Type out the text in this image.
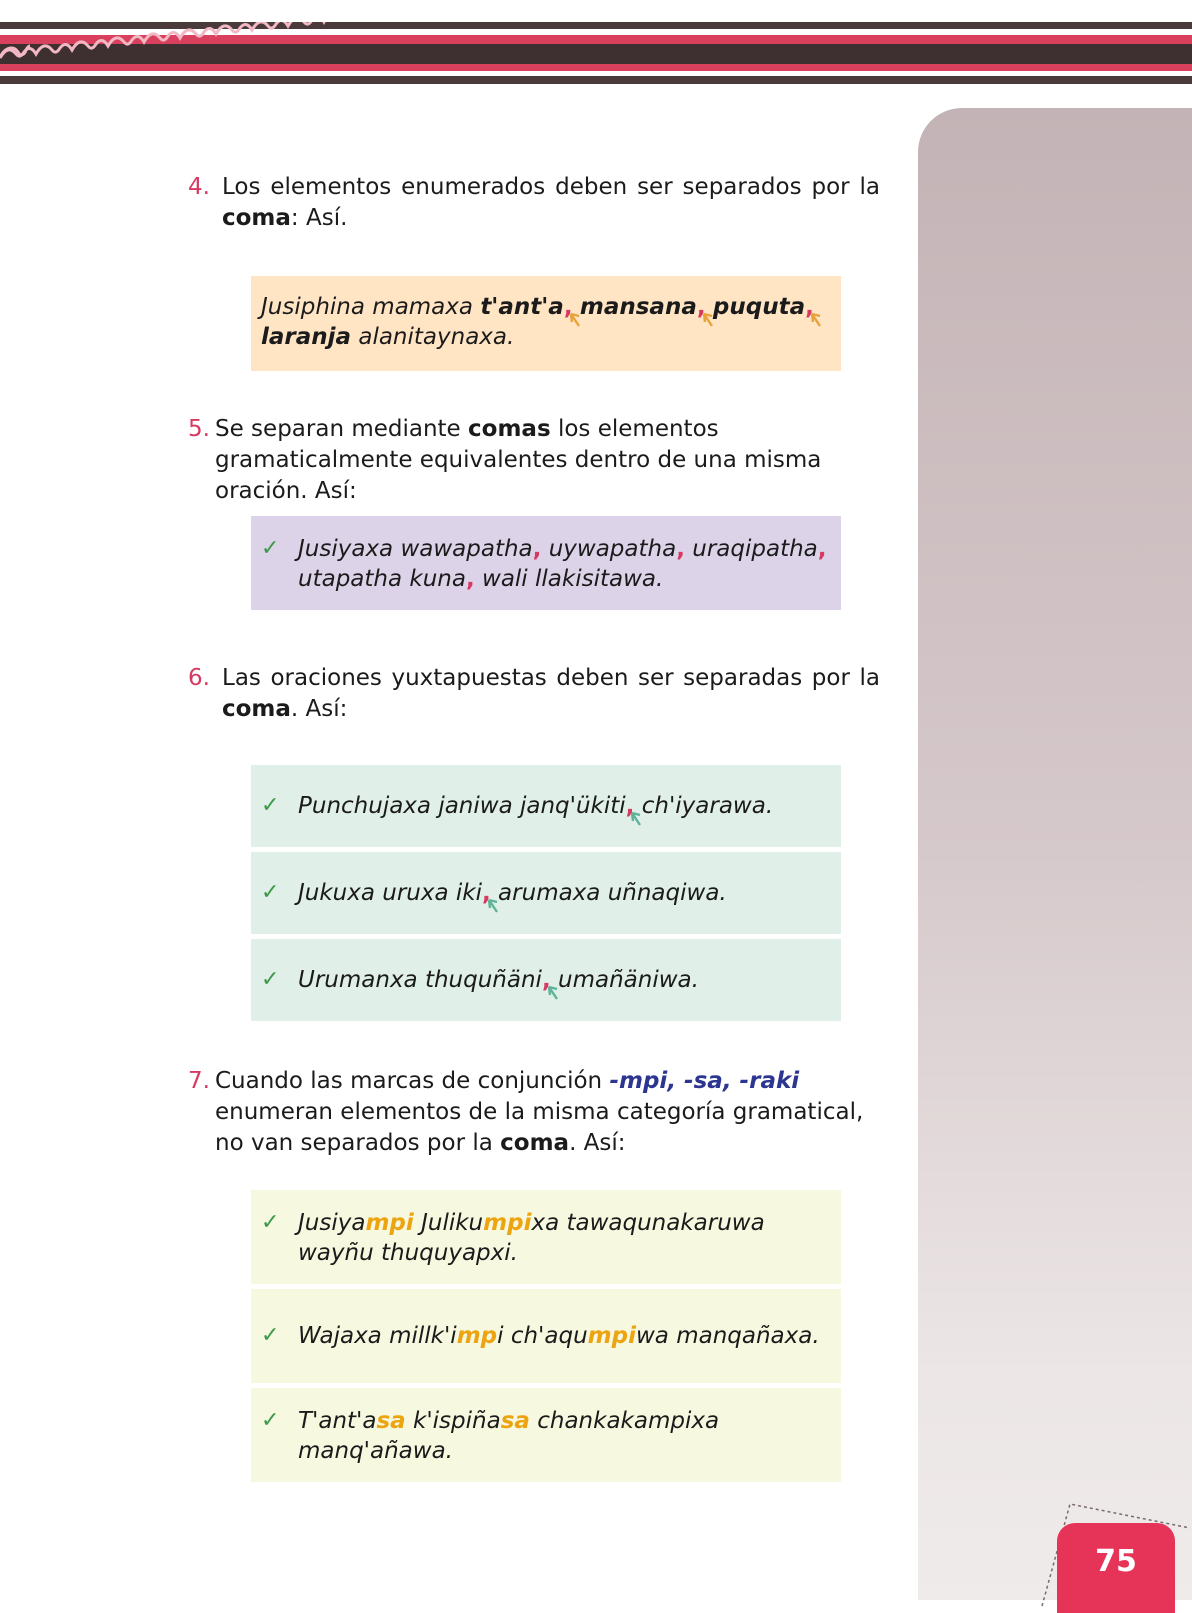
4. Los elementos enumerados deben ser separados por la coma: Así.
Jusiphina mamaxa t'ant'a, mansana, puquta,

laranja alanitaynaxa.
5. Se separan mediante comas los elementos gramaticalmente equivalentes dentro de una misma oración. Así:
✓ Jusiyaxa wawapatha, uywapatha, uraqipatha,
utapatha kuna, wali llakisitawa.
6. Las oraciones yuxtapuestas deben ser separadas por la coma. Así:
✓ Punchujaxa janiwa janq'ükiti,
ch'iyarawa.
✓ Jukuxa uruxa iki,
arumaxa uñnaqiwa.
✓ Urumanxa thuquñäni,
umañäniwa.
7. Cuando las marcas de conjunción -mpi, -sa, -raki enumeran elementos de la misma categoría gramatical, no van separados por la coma. Así:
✓ Jusiyampi Julikumpixa tawaqunakaruwa wayñu thuquyapxi.
✓ Wajaxa millk'impi ch'aqumpiwa manqañaxa.
✓ T'ant'asa k'ispiñasa chankakampixa manq'añawa.
75
